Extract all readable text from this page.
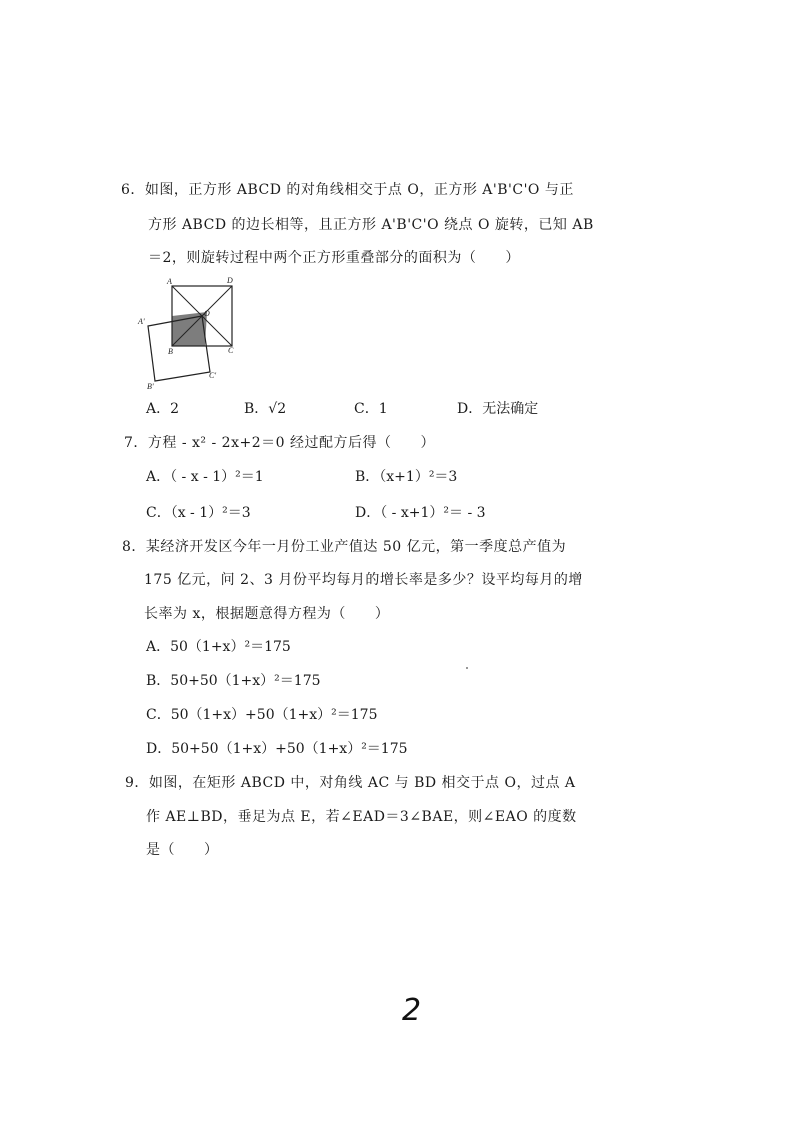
6．如图，正方形 ABCD 的对角线相交于点 O，正方形 A'B'C'O 与正
方形 ABCD 的边长相等，且正方形 A'B'C'O 绕点 O 旋转，已知 AB
＝2，则旋转过程中两个正方形重叠部分的面积为（　　）
A	D
O
A'
B	C
B'
C'
A．2	B．√2	C．1	D．无法确定
7．方程 - x² - 2x+2＝0 经过配方后得（　　）
A．（ - x - 1）²＝1	B．（x+1）²＝3
C．（x - 1）²＝3	D．（ - x+1）²＝ - 3
8．某经济开发区今年一月份工业产值达 50 亿元，第一季度总产值为
175 亿元，问 2、3 月份平均每月的增长率是多少？设平均每月的增
长率为 x，根据题意得方程为（　　）
A．50（1+x）²＝175
B．50+50（1+x）²＝175
C．50（1+x）+50（1+x）²＝175
D．50+50（1+x）+50（1+x）²＝175
9．如图，在矩形 ABCD 中，对角线 AC 与 BD 相交于点 O，过点 A
作 AE⊥BD，垂足为点 E，若∠EAD＝3∠BAE，则∠EAO 的度数
是（　　）
2
